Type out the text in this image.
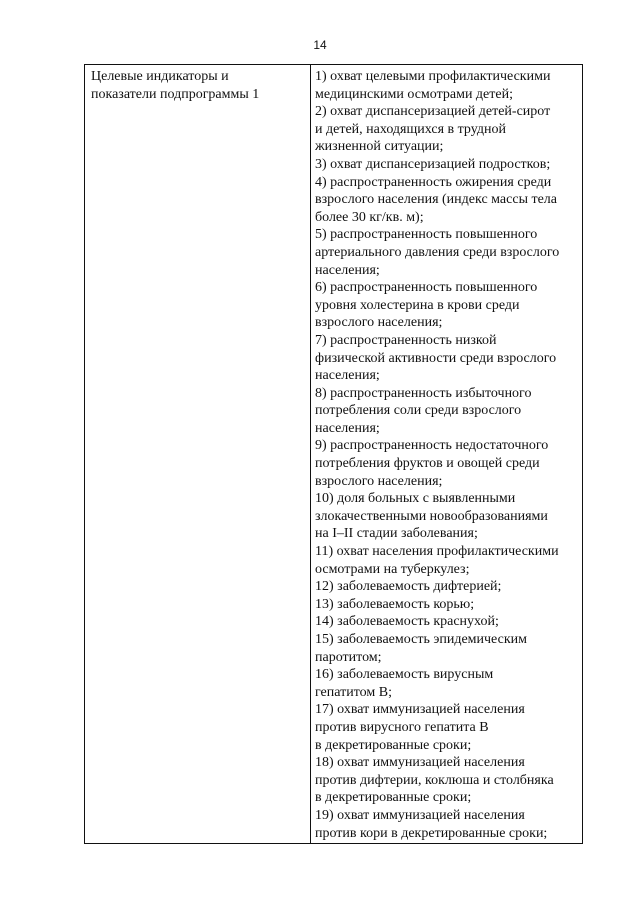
14
Целевые индикаторы и
показатели подпрограммы 1
1) охват целевыми профилактическими
медицинскими осмотрами детей;
2) охват диспансеризацией детей-сирот
и детей, находящихся в трудной
жизненной ситуации;
3) охват диспансеризацией подростков;
4) распространенность ожирения среди
взрослого населения (индекс массы тела
более 30 кг/кв. м);
5) распространенность повышенного
артериального давления среди взрослого
населения;
6) распространенность повышенного
уровня холестерина в крови среди
взрослого населения;
7) распространенность низкой
физической активности среди взрослого
населения;
8) распространенность избыточного
потребления соли среди взрослого
населения;
9) распространенность недостаточного
потребления фруктов и овощей среди
взрослого населения;
10) доля больных с выявленными
злокачественными новообразованиями
на I–II стадии заболевания;
11) охват населения профилактическими
осмотрами на туберкулез;
12) заболеваемость дифтерией;
13) заболеваемость корью;
14) заболеваемость краснухой;
15) заболеваемость эпидемическим
паротитом;
16) заболеваемость вирусным
гепатитом В;
17) охват иммунизацией населения
против вирусного гепатита В
в декретированные сроки;
18) охват иммунизацией населения
против дифтерии, коклюша и столбняка
в декретированные сроки;
19) охват иммунизацией населения
против кори в декретированные сроки;
